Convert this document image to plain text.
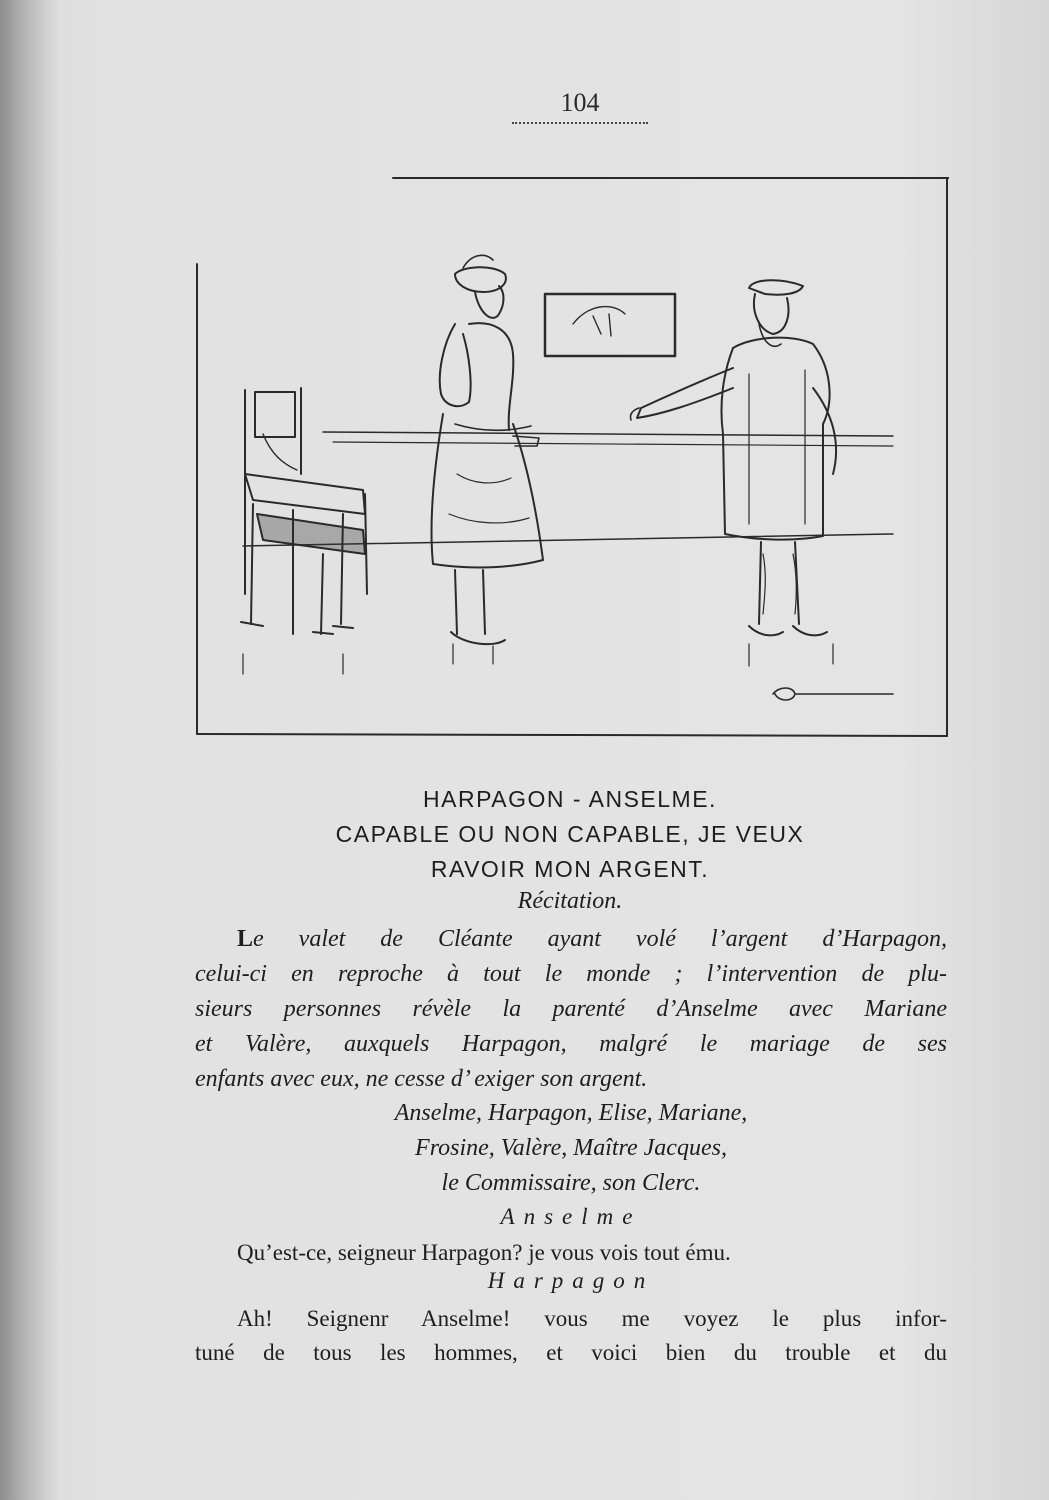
104
HARPAGON - ANSELME.
CAPABLE OU NON CAPABLE, JE VEUX
RAVOIR MON ARGENT.
Récitation.
Le valet de Cléante ayant volé l’argent d’Harpagon,
celui-ci en reproche à tout le monde ; l’intervention de plu-
sieurs personnes révèle la parenté d’Anselme avec Mariane
et Valère, auxquels Harpagon, malgré le mariage de ses
enfants avec eux, ne cesse d’ exiger son argent.
Anselme, Harpagon, Elise, Mariane,
Frosine, Valère, Maître Jacques,
le Commissaire, son Clerc.
Anselme
Qu’est-ce, seigneur Harpagon? je vous vois tout ému.
Harpagon
Ah! Seignenr Anselme! vous me voyez le plus infor-
tuné de tous les hommes, et voici bien du trouble et du
